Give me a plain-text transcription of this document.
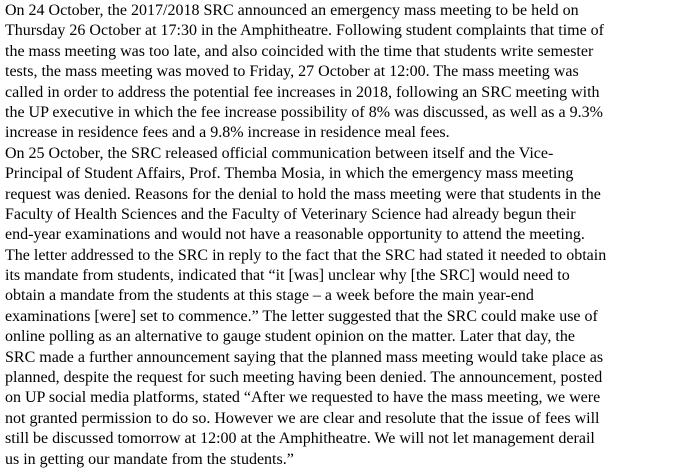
On 24 October, the 2017/2018 SRC announced an emergency mass meeting to be held on
Thursday 26 October at 17:30 in the Amphitheatre. Following student complaints that time of
the mass meeting was too late, and also coincided with the time that students write semester
tests, the mass meeting was moved to Friday, 27 October at 12:00. The mass meeting was
called in order to address the potential fee increases in 2018, following an SRC meeting with
the UP executive in which the fee increase possibility of 8% was discussed, as well as a 9.3%
increase in residence fees and a 9.8% increase in residence meal fees.
On 25 October, the SRC released official communication between itself and the Vice-
Principal of Student Affairs, Prof. Themba Mosia, in which the emergency mass meeting
request was denied. Reasons for the denial to hold the mass meeting were that students in the
Faculty of Health Sciences and the Faculty of Veterinary Science had already begun their
end-year examinations and would not have a reasonable opportunity to attend the meeting.
The letter addressed to the SRC in reply to the fact that the SRC had stated it needed to obtain
its mandate from students, indicated that “it [was] unclear why [the SRC] would need to
obtain a mandate from the students at this stage – a week before the main year-end
examinations [were] set to commence.” The letter suggested that the SRC could make use of
online polling as an alternative to gauge student opinion on the matter. Later that day, the
SRC made a further announcement saying that the planned mass meeting would take place as
planned, despite the request for such meeting having been denied. The announcement, posted
on UP social media platforms, stated “After we requested to have the mass meeting, we were
not granted permission to do so. However we are clear and resolute that the issue of fees will
still be discussed tomorrow at 12:00 at the Amphitheatre. We will not let management derail
us in getting our mandate from the students.”
